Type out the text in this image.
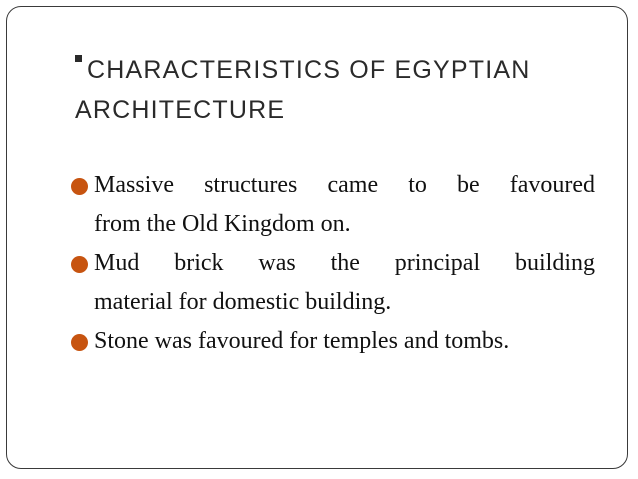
CHARACTERISTICS OF EGYPTIAN
ARCHITECTURE
Massive structures came to be favoured
from the Old Kingdom on.
Mud brick was the principal building
material for domestic building.
Stone was favoured for temples and tombs.
